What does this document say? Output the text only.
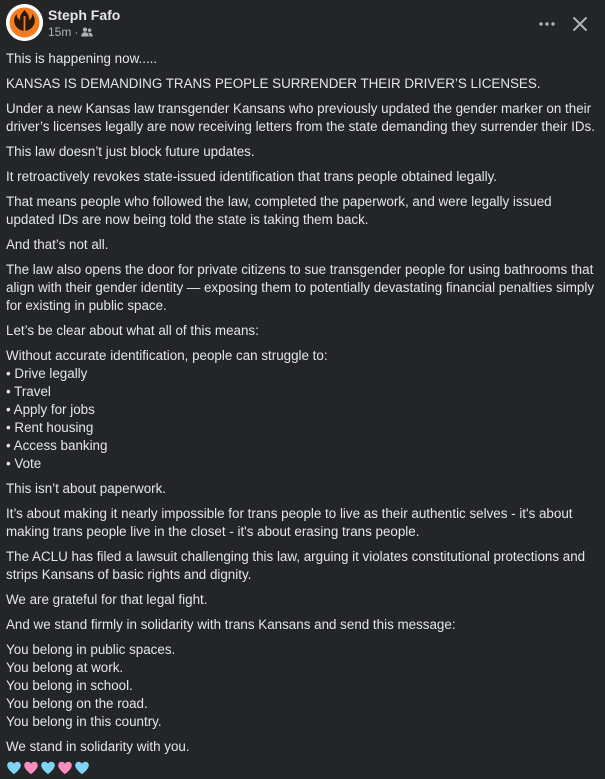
Steph Fafo
15m ·

This is happening now.....

KANSAS IS DEMANDING TRANS PEOPLE SURRENDER THEIR DRIVER’S LICENSES.

Under a new Kansas law transgender Kansans who previously updated the gender marker on their driver’s licenses legally are now receiving letters from the state demanding they surrender their IDs.

This law doesn’t just block future updates.

It retroactively revokes state-issued identification that trans people obtained legally.

That means people who followed the law, completed the paperwork, and were legally issued updated IDs are now being told the state is taking them back.

And that’s not all.

The law also opens the door for private citizens to sue transgender people for using bathrooms that align with their gender identity — exposing them to potentially devastating financial penalties simply for existing in public space.

Let’s be clear about what all of this means:

Without accurate identification, people can struggle to:
• Drive legally
• Travel
• Apply for jobs
• Rent housing
• Access banking
• Vote

This isn’t about paperwork.

It’s about making it nearly impossible for trans people to live as their authentic selves - it's about making trans people live in the closet - it's about erasing trans people.

The ACLU has filed a lawsuit challenging this law, arguing it violates constitutional protections and strips Kansans of basic rights and dignity.

We are grateful for that legal fight.

And we stand firmly in solidarity with trans Kansans and send this message:

You belong in public spaces.
You belong at work.
You belong in school.
You belong on the road.
You belong in this country.

We stand in solidarity with you.
